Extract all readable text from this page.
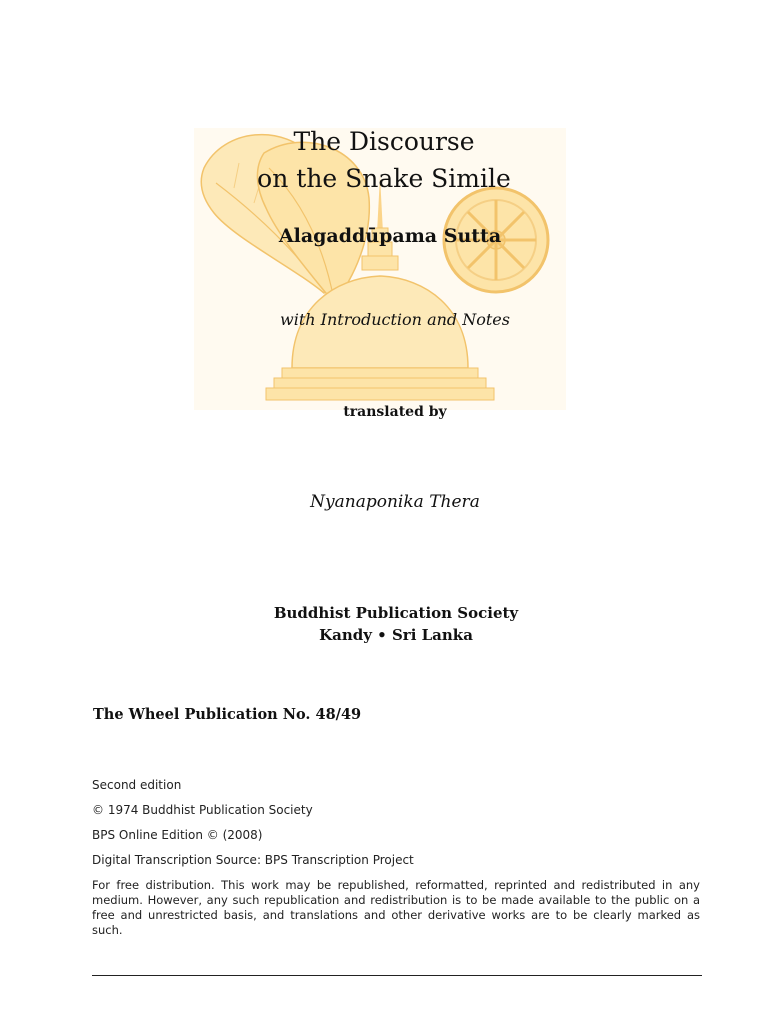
The Discourse
on the Snake Simile
Alagaddūpama Sutta
with Introduction and Notes
translated by
Nyanaponika Thera
Buddhist Publication Society
Kandy • Sri Lanka
The Wheel Publication No. 48/49
Second edition
© 1974 Buddhist Publication Society
BPS Online Edition © (2008)
Digital Transcription Source: BPS Transcription Project
For free distribution. This work may be republished, reformatted, reprinted and redistributed in any medium. However, any such republication and redistribution is to be made available to the public on a free and unrestricted basis, and translations and other derivative works are to be clearly marked as such.
